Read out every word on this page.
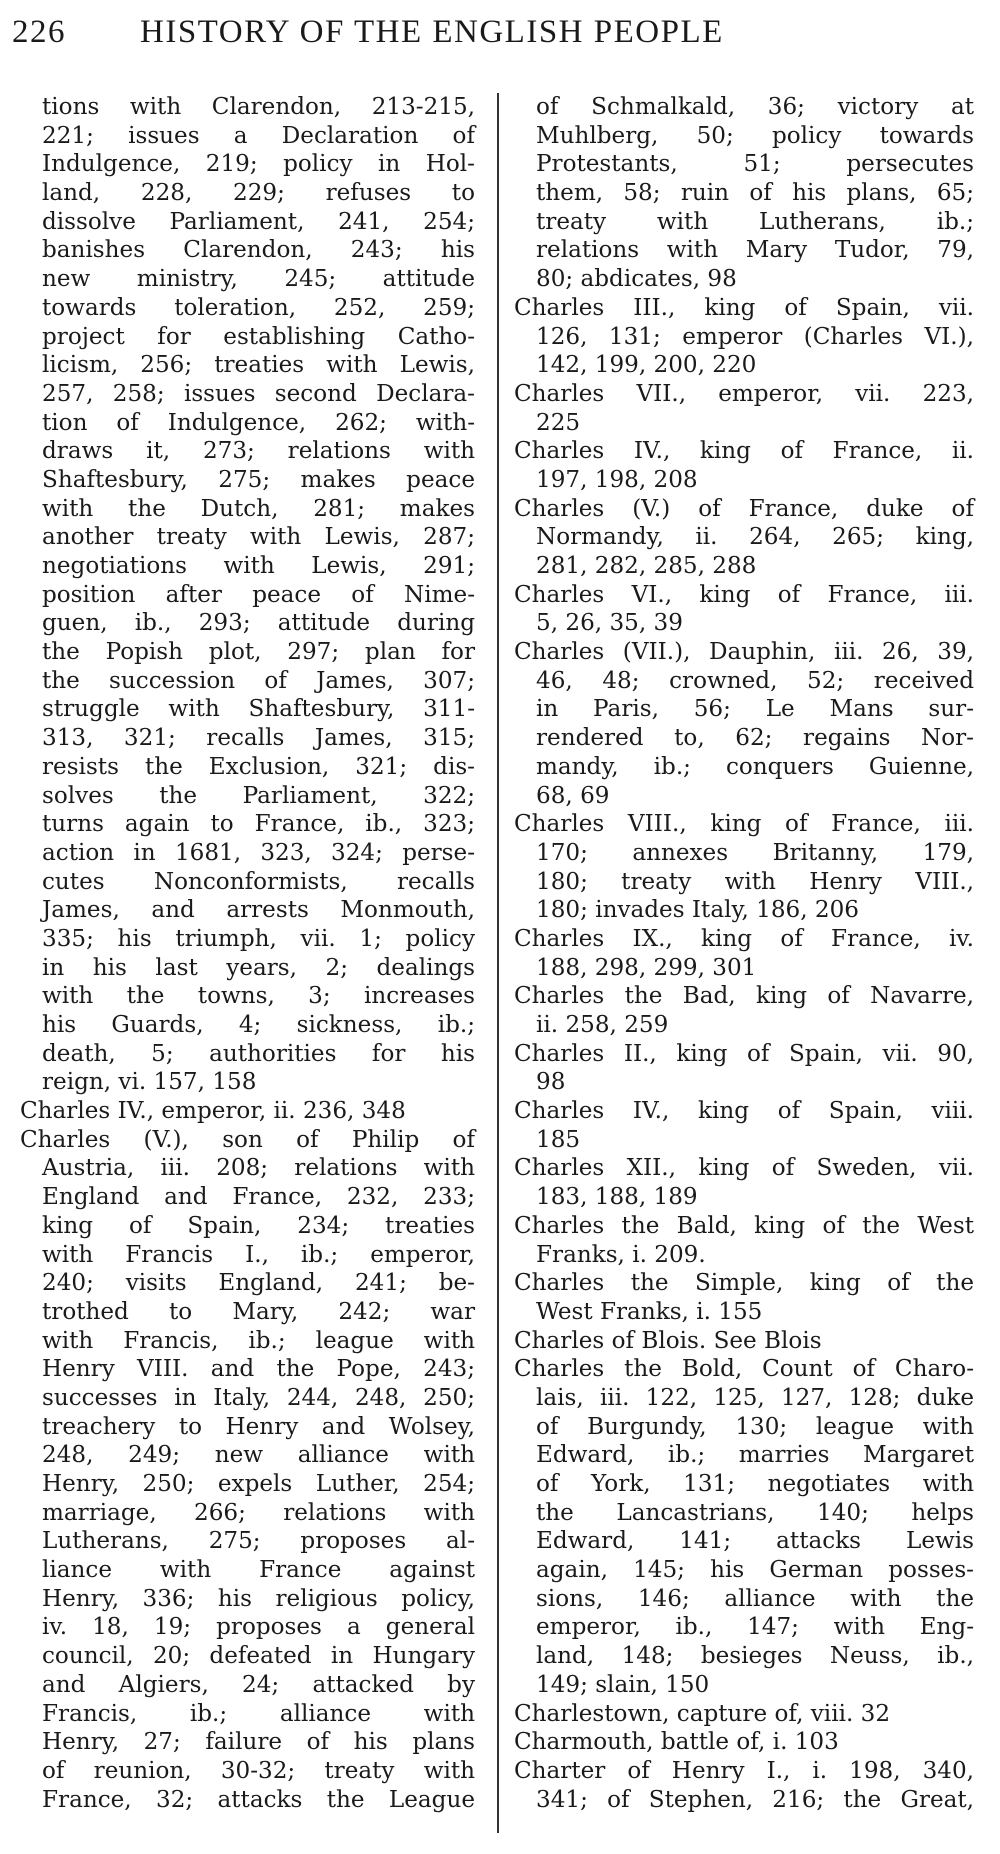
226 HISTORY OF THE ENGLISH PEOPLE
tions with Clarendon, 213-215,
221; issues a Declaration of
Indulgence, 219; policy in Hol-
land, 228, 229; refuses to
dissolve Parliament, 241, 254;
banishes Clarendon, 243; his
new ministry, 245; attitude
towards toleration, 252, 259;
project for establishing Catho-
licism, 256; treaties with Lewis,
257, 258; issues second Declara-
tion of Indulgence, 262; with-
draws it, 273; relations with
Shaftesbury, 275; makes peace
with the Dutch, 281; makes
another treaty with Lewis, 287;
negotiations with Lewis, 291;
position after peace of Nime-
guen, ib., 293; attitude during
the Popish plot, 297; plan for
the succession of James, 307;
struggle with Shaftesbury, 311-
313, 321; recalls James, 315;
resists the Exclusion, 321; dis-
solves the Parliament, 322;
turns again to France, ib., 323;
action in 1681, 323, 324; perse-
cutes Nonconformists, recalls
James, and arrests Monmouth,
335; his triumph, vii. 1; policy
in his last years, 2; dealings
with the towns, 3; increases
his Guards, 4; sickness, ib.;
death, 5; authorities for his
reign, vi. 157, 158
Charles IV., emperor, ii. 236, 348
Charles (V.), son of Philip of
Austria, iii. 208; relations with
England and France, 232, 233;
king of Spain, 234; treaties
with Francis I., ib.; emperor,
240; visits England, 241; be-
trothed to Mary, 242; war
with Francis, ib.; league with
Henry VIII. and the Pope, 243;
successes in Italy, 244, 248, 250;
treachery to Henry and Wolsey,
248, 249; new alliance with
Henry, 250; expels Luther, 254;
marriage, 266; relations with
Lutherans, 275; proposes al-
liance with France against
Henry, 336; his religious policy,
iv. 18, 19; proposes a general
council, 20; defeated in Hungary
and Algiers, 24; attacked by
Francis, ib.; alliance with
Henry, 27; failure of his plans
of reunion, 30-32; treaty with
France, 32; attacks the League
of Schmalkald, 36; victory at
Muhlberg, 50; policy towards
Protestants, 51; persecutes
them, 58; ruin of his plans, 65;
treaty with Lutherans, ib.;
relations with Mary Tudor, 79,
80; abdicates, 98
Charles III., king of Spain, vii.
126, 131; emperor (Charles VI.),
142, 199, 200, 220
Charles VII., emperor, vii. 223,
225
Charles IV., king of France, ii.
197, 198, 208
Charles (V.) of France, duke of
Normandy, ii. 264, 265; king,
281, 282, 285, 288
Charles VI., king of France, iii.
5, 26, 35, 39
Charles (VII.), Dauphin, iii. 26, 39,
46, 48; crowned, 52; received
in Paris, 56; Le Mans sur-
rendered to, 62; regains Nor-
mandy, ib.; conquers Guienne,
68, 69
Charles VIII., king of France, iii.
170; annexes Britanny, 179,
180; treaty with Henry VIII.,
180; invades Italy, 186, 206
Charles IX., king of France, iv.
188, 298, 299, 301
Charles the Bad, king of Navarre,
ii. 258, 259
Charles II., king of Spain, vii. 90,
98
Charles IV., king of Spain, viii.
185
Charles XII., king of Sweden, vii.
183, 188, 189
Charles the Bald, king of the West
Franks, i. 209.
Charles the Simple, king of the
West Franks, i. 155
Charles of Blois. See Blois
Charles the Bold, Count of Charo-
lais, iii. 122, 125, 127, 128; duke
of Burgundy, 130; league with
Edward, ib.; marries Margaret
of York, 131; negotiates with
the Lancastrians, 140; helps
Edward, 141; attacks Lewis
again, 145; his German posses-
sions, 146; alliance with the
emperor, ib., 147; with Eng-
land, 148; besieges Neuss, ib.,
149; slain, 150
Charlestown, capture of, viii. 32
Charmouth, battle of, i. 103
Charter of Henry I., i. 198, 340,
341; of Stephen, 216; the Great,
